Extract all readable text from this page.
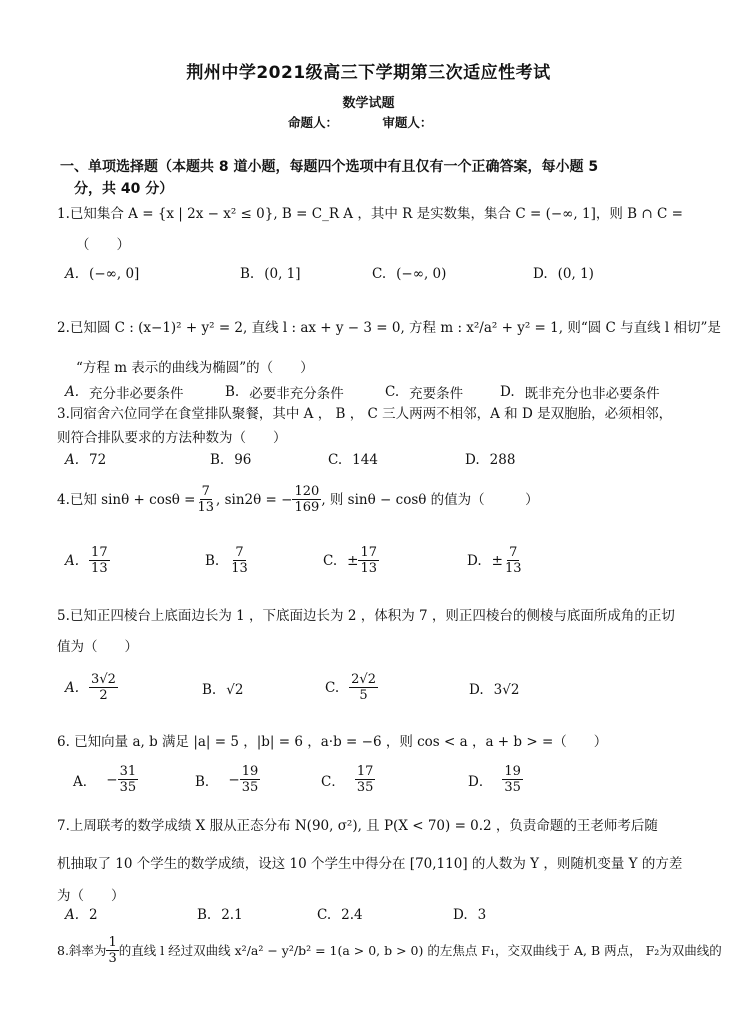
荆州中学2021级高三下学期第三次适应性考试
数学试题
命题人：	审题人：
一、单项选择题（本题共 8 道小题，每题四个选项中有且仅有一个正确答案，每小题 5
分，共 40 分）
1.已知集合 A = {x | 2x − x² ≤ 0}, B = C_R A ，其中 R 是实数集，集合 C = (−∞, 1]，则 B ∩ C =
（　　）
A. (−∞, 0]	B. (0, 1]	C. (−∞, 0)	D. (0, 1)
2.已知圆 C : (x−1)² + y² = 2, 直线 l : ax + y − 3 = 0, 方程 m : x²/a² + y² = 1, 则“圆 C 与直线 l 相切”是
“方程 m 表示的曲线为椭圆”的（　　）
A. 充分非必要条件	B. 必要非充分条件	C. 充要条件	D. 既非充分也非必要条件
3.同宿舍六位同学在食堂排队聚餐，其中 A ， B ， C 三人两两不相邻，A 和 D 是双胞胎，必须相邻，
则符合排队要求的方法种数为（　　）
A. 72	B. 96	C. 144	D. 288
4.已知 $\sin\theta + \cos\theta = \frac{7}{13}$ , sin2θ = − $\frac{120}{169}$ , 则 sinθ − cosθ 的值为（　　　）
A. $\frac{17}{13}$	B. $\frac{7}{13}$	C. ± $\frac{17}{13}$	D. ± $\frac{7}{13}$
5.已知正四棱台上底面边长为 1 ，下底面边长为 2 ，体积为 7 ，则正四棱台的侧棱与底面所成角的正切
值为（　　）
A. $\frac{3√2}{2}$	B. √2	C. $\frac{2√2}{5}$	D. 3√2
6. 已知向量 a, b 满足 |a| = 5 ，|b| = 6 ，a·b = −6 ，则 cos < a ，a + b > =（　　）
A． − $\frac{31}{35}$	B． − $\frac{19}{35}$	C． $\frac{17}{35}$	D． $\frac{19}{35}$
7.上周联考的数学成绩 X 服从正态分布 N(90, σ²), 且 P(X < 70) = 0.2 ，负责命题的王老师考后随
机抽取了 10 个学生的数学成绩，设这 10 个学生中得分在 [70,110] 的人数为 Y ，则随机变量 Y 的方差
为（　　）
A. 2	B. 2.1	C. 2.4	D. 3
8.斜率为 $\frac{1}{3}$ 的直线 l 经过双曲线 x²/a² − y²/b² = 1(a > 0, b > 0) 的左焦点 F₁，交双曲线于 A, B 两点， F₂为双曲线的
